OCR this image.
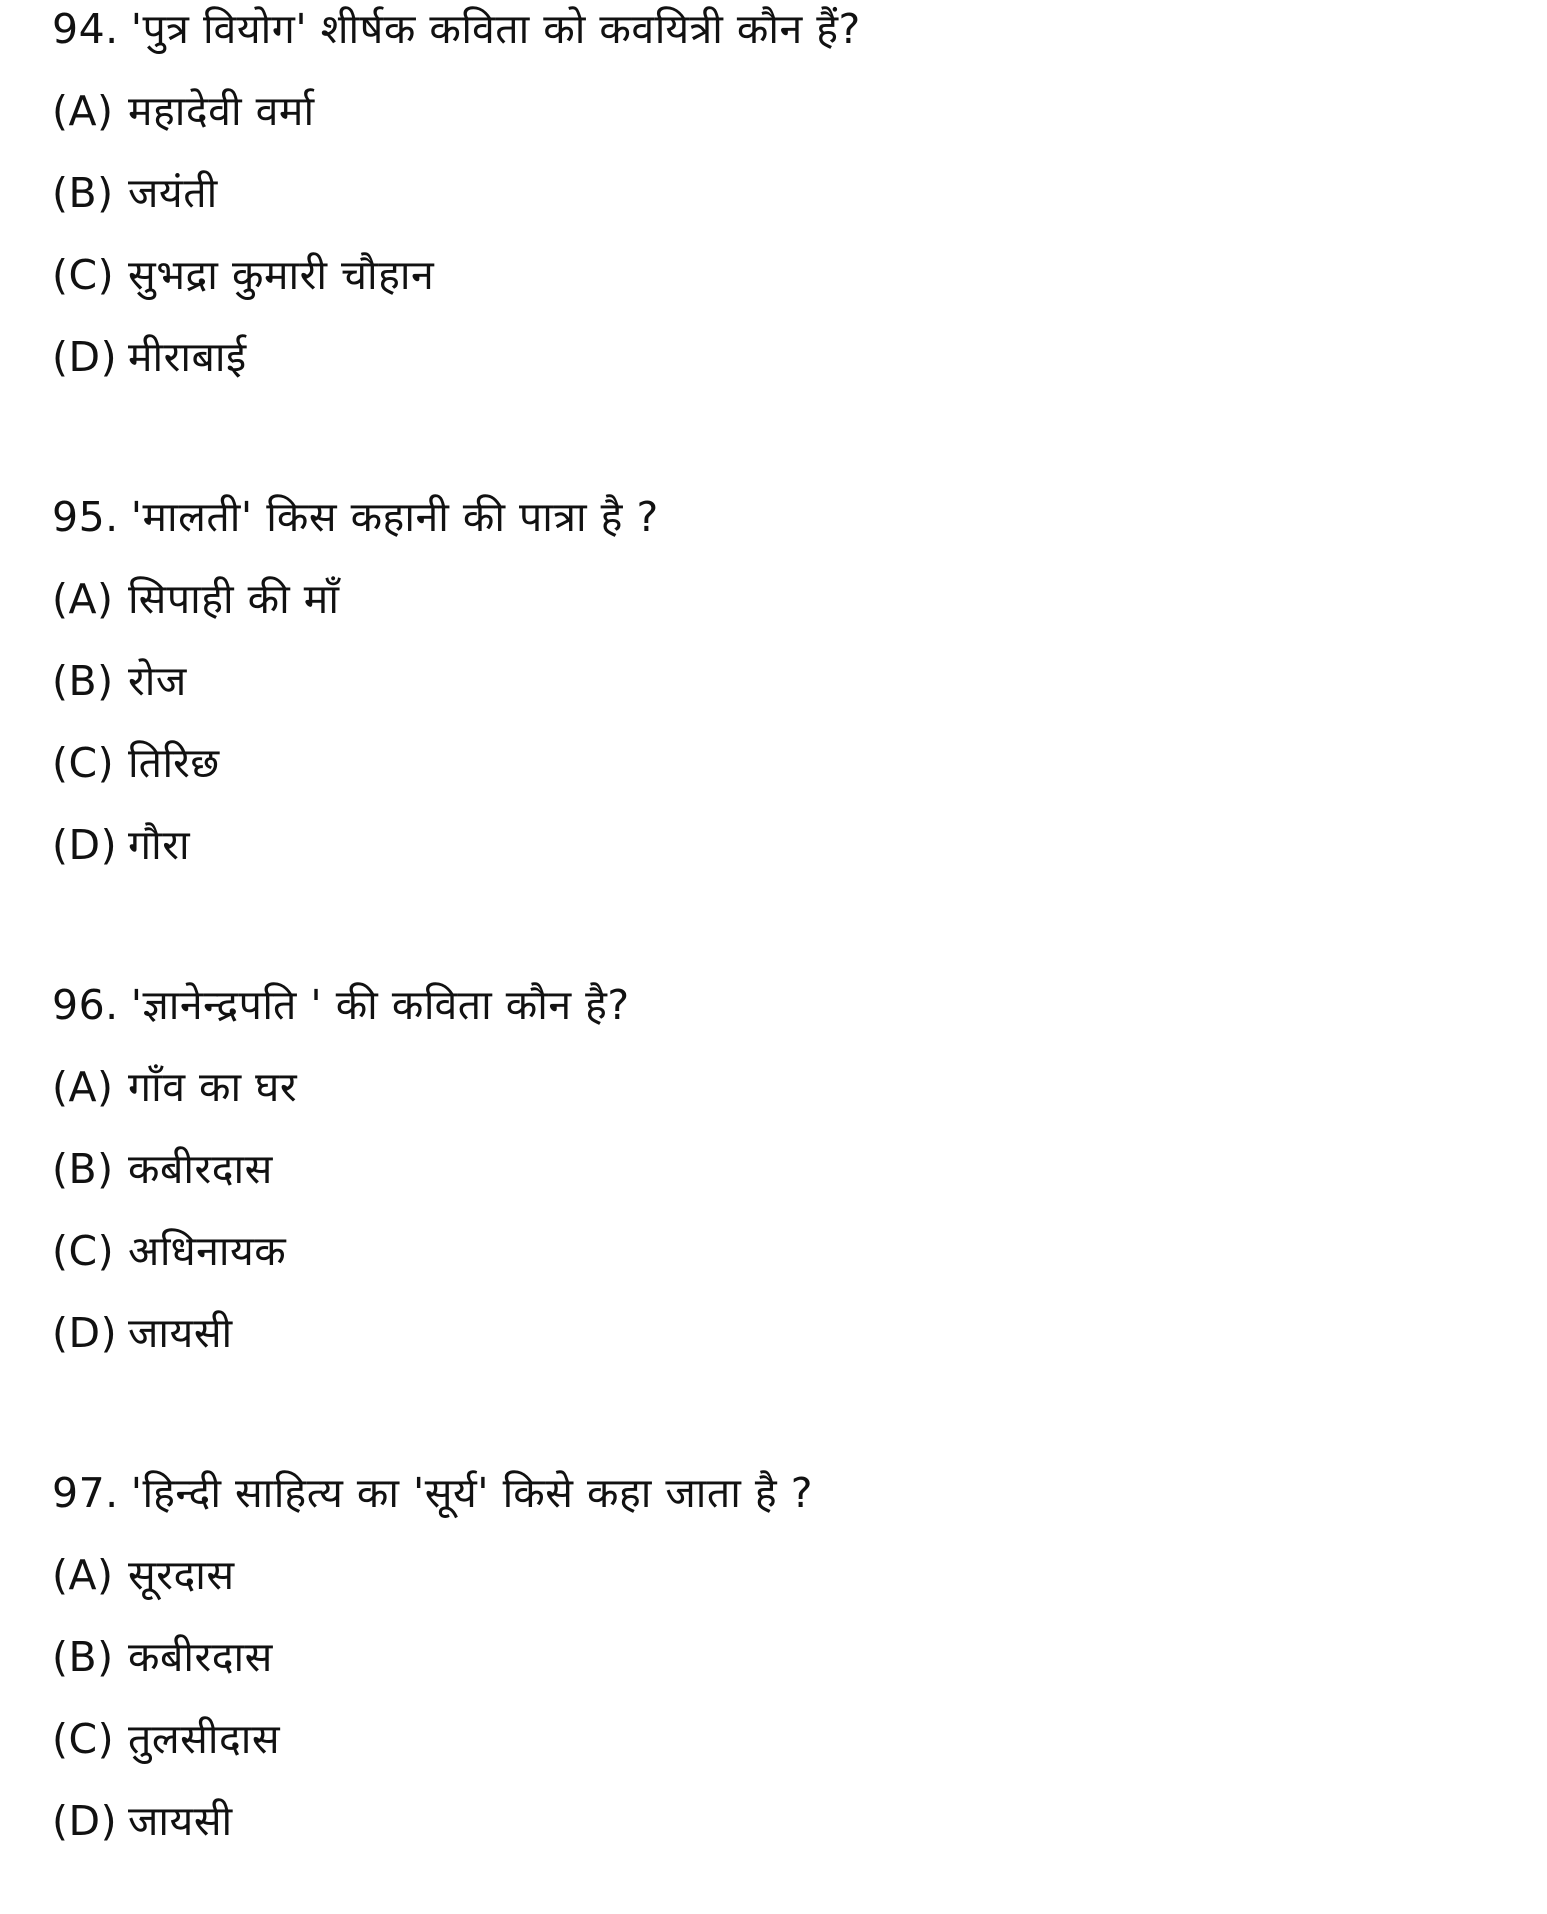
94. 'पुत्र वियोग' शीर्षक कविता को कवयित्री कौन हैं?
(A) महादेवी वर्मा
(B) जयंती
(C) सुभद्रा कुमारी चौहान
(D) मीराबाई
95. 'मालती' किस कहानी की पात्रा है ?
(A) सिपाही की माँ
(B) रोज
(C) तिरिछ
(D) गौरा
96. 'ज्ञानेन्द्रपति ' की कविता कौन है?
(A) गाँव का घर
(B) कबीरदास
(C) अधिनायक
(D) जायसी
97. 'हिन्दी साहित्य का 'सूर्य' किसे कहा जाता है ?
(A) सूरदास
(B) कबीरदास
(C) तुलसीदास
(D) जायसी
